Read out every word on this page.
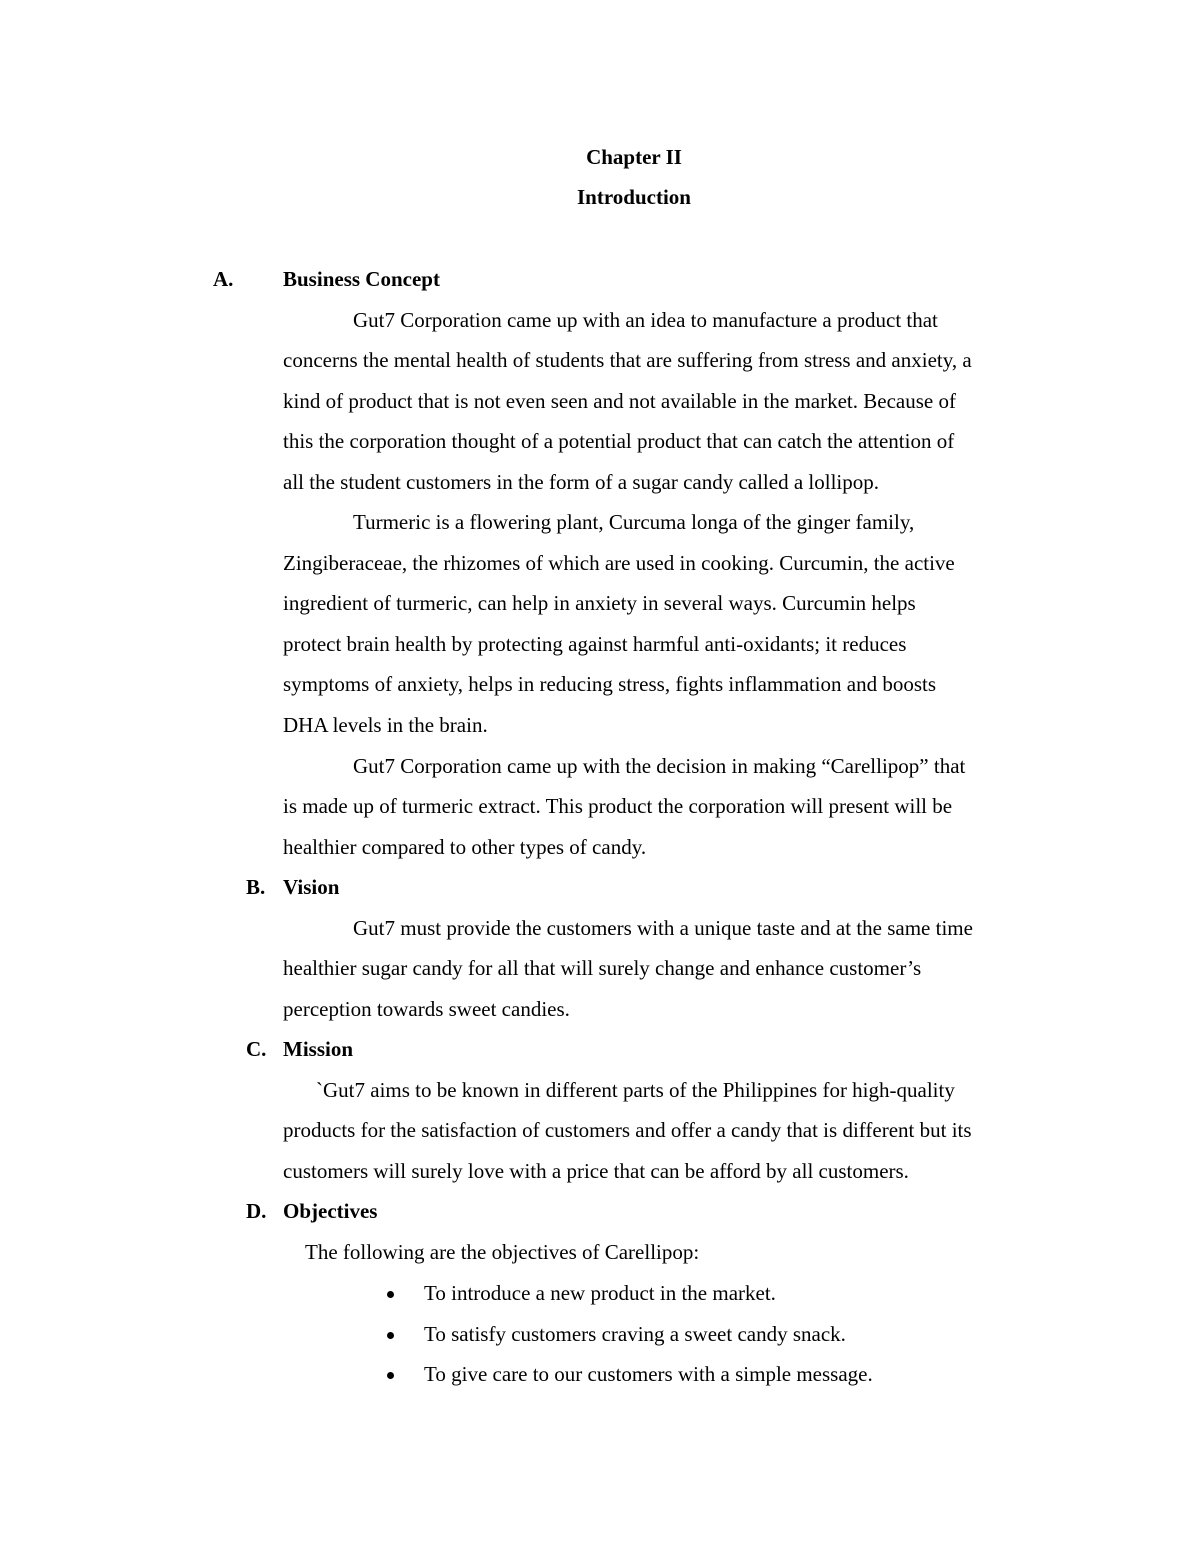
Chapter II
Introduction
A. Business Concept
Gut7 Corporation came up with an idea to manufacture a product that
concerns the mental health of students that are suffering from stress and anxiety, a
kind of product that is not even seen and not available in the market. Because of
this the corporation thought of a potential product that can catch the attention of
all the student customers in the form of a sugar candy called a lollipop.
Turmeric is a flowering plant, Curcuma longa of the ginger family,
Zingiberaceae, the rhizomes of which are used in cooking. Curcumin, the active
ingredient of turmeric, can help in anxiety in several ways. Curcumin helps
protect brain health by protecting against harmful anti-oxidants; it reduces
symptoms of anxiety, helps in reducing stress, fights inflammation and boosts
DHA levels in the brain.
Gut7 Corporation came up with the decision in making “Carellipop” that
is made up of turmeric extract. This product the corporation will present will be
healthier compared to other types of candy.
B. Vision
Gut7 must provide the customers with a unique taste and at the same time
healthier sugar candy for all that will surely change and enhance customer’s
perception towards sweet candies.
C. Mission
`Gut7 aims to be known in different parts of the Philippines for high-quality
products for the satisfaction of customers and offer a candy that is different but its
customers will surely love with a price that can be afford by all customers.
D. Objectives
The following are the objectives of Carellipop:
To introduce a new product in the market.
To satisfy customers craving a sweet candy snack.
To give care to our customers with a simple message.
